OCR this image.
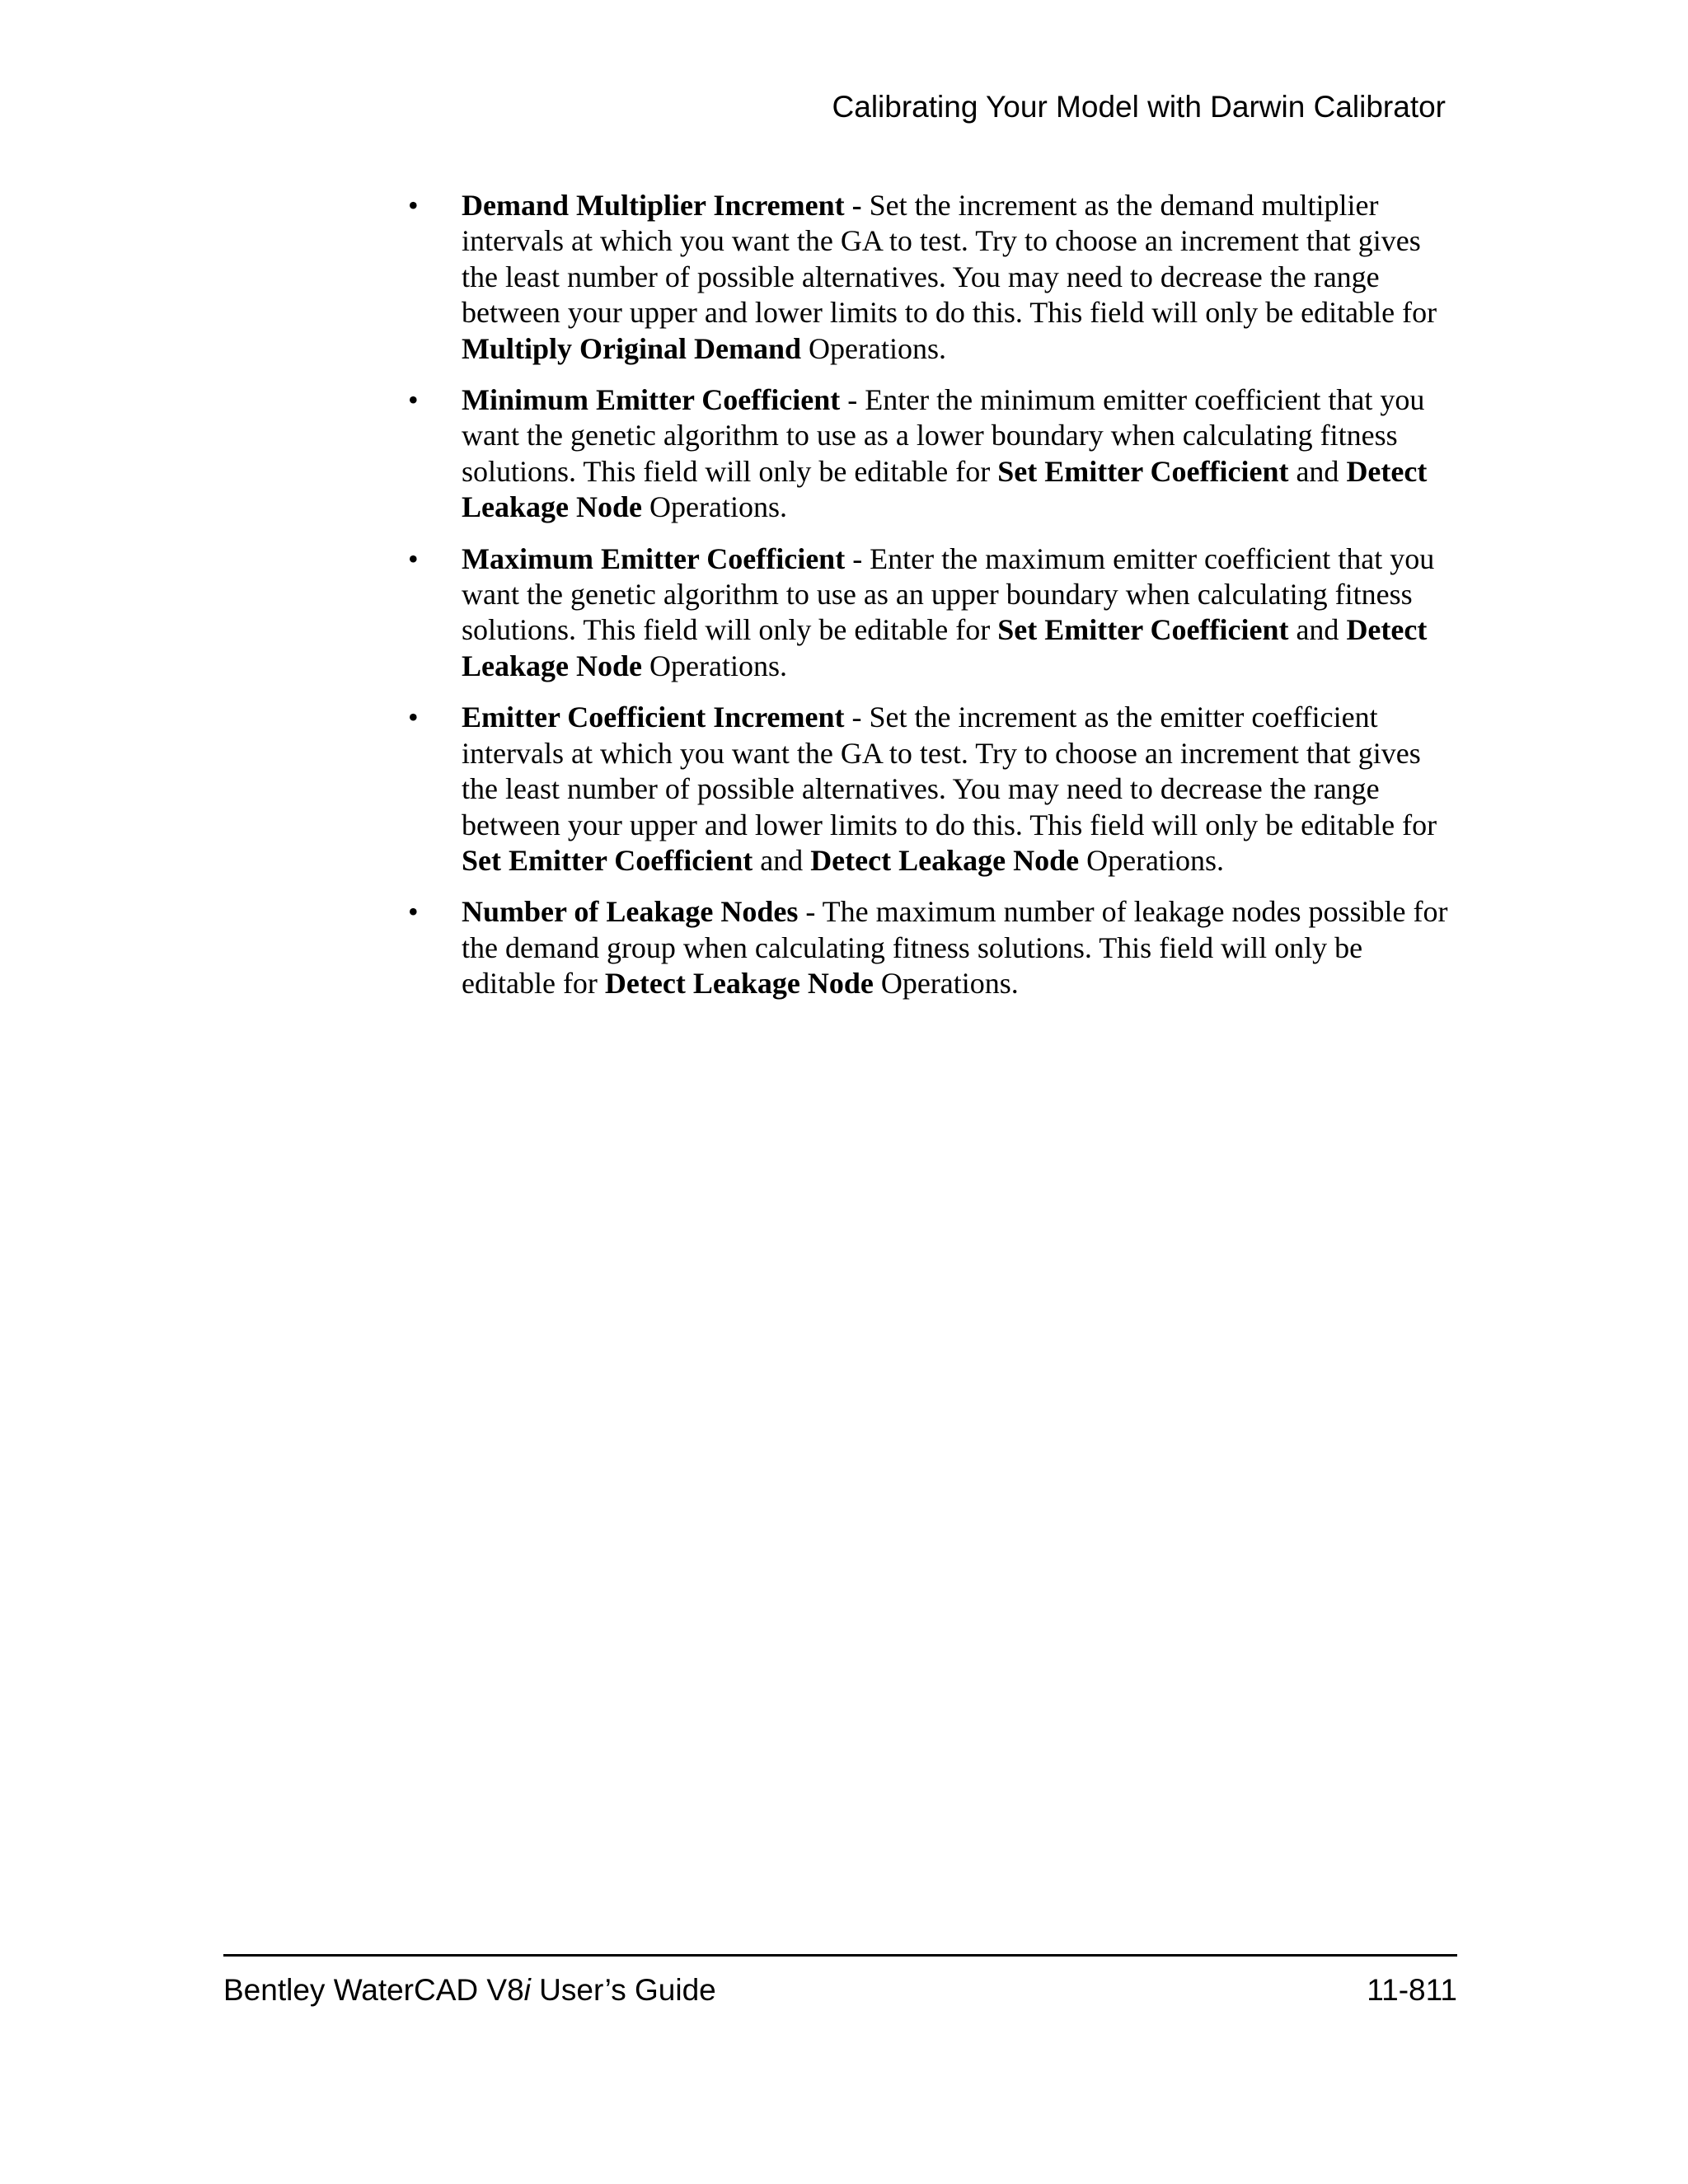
Calibrating Your Model with Darwin Calibrator
• Demand Multiplier Increment - Set the increment as the demand multiplier intervals at which you want the GA to test. Try to choose an increment that gives the least number of possible alternatives. You may need to decrease the range between your upper and lower limits to do this. This field will only be editable for Multiply Original Demand Operations.
• Minimum Emitter Coefficient - Enter the minimum emitter coefficient that you want the genetic algorithm to use as a lower boundary when calculating fitness solutions. This field will only be editable for Set Emitter Coefficient and Detect Leakage Node Operations.
• Maximum Emitter Coefficient - Enter the maximum emitter coefficient that you want the genetic algorithm to use as an upper boundary when calculating fitness solutions. This field will only be editable for Set Emitter Coefficient and Detect Leakage Node Operations.
• Emitter Coefficient Increment - Set the increment as the emitter coefficient intervals at which you want the GA to test. Try to choose an increment that gives the least number of possible alternatives. You may need to decrease the range between your upper and lower limits to do this. This field will only be editable for Set Emitter Coefficient and Detect Leakage Node Operations.
• Number of Leakage Nodes - The maximum number of leakage nodes possible for the demand group when calculating fitness solutions. This field will only be editable for Detect Leakage Node Operations.
Bentley WaterCAD V8i User’s Guide	11-811
